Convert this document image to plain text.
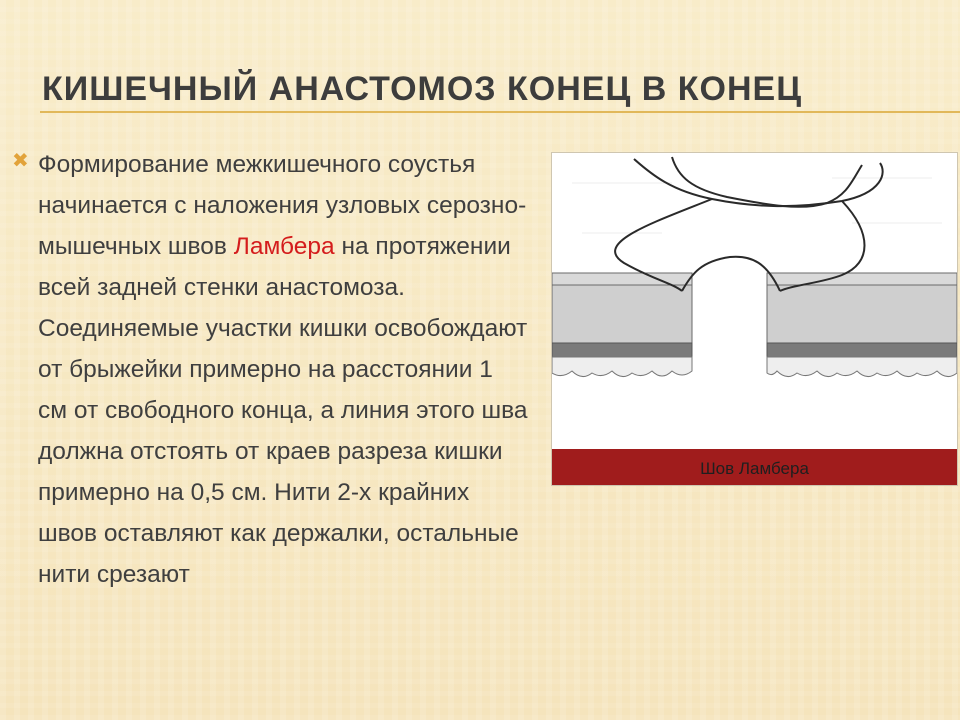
КИШЕЧНЫЙ АНАСТОМОЗ КОНЕЦ В КОНЕЦ
✖ Формирование межкишечного соустья начинается с наложения узловых серозно-мышечных швов Ламбера на протяжении всей задней стенки анастомоза. Соединяемые участки кишки освобождают от брыжейки примерно на расстоянии 1 см от свободного конца, а линия этого шва должна отстоять от краев разреза кишки примерно на 0,5 см. Нити 2-х крайних швов оставляют как держалки, остальные нити срезают

Шов Ламбера
